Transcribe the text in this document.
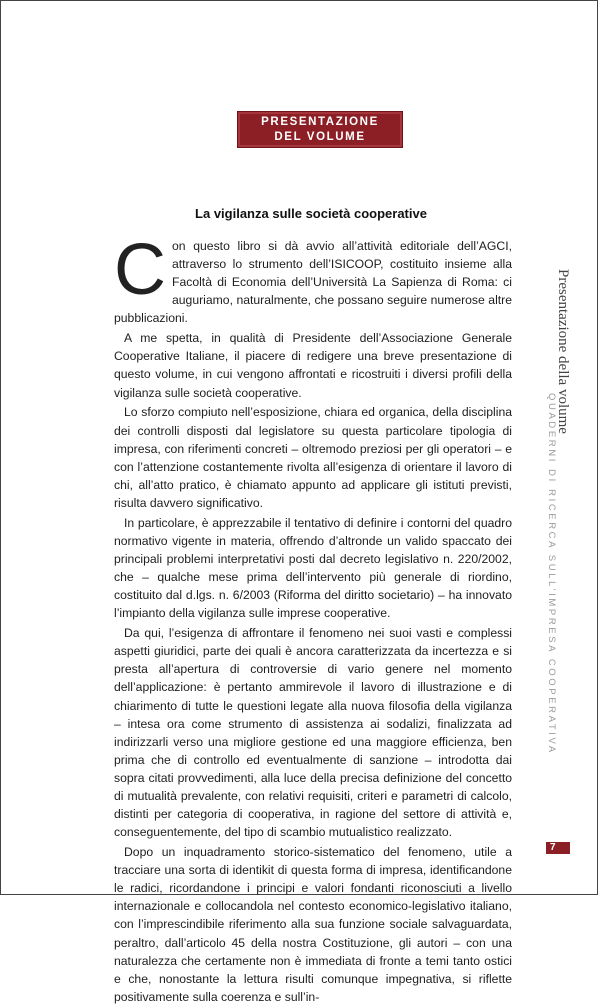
PRESENTAZIONE
DEL VOLUME
La vigilanza sulle società cooperative

Con questo libro si dà avvio all’attività editoriale dell’AGCI, attraverso lo strumento dell’ISICOOP, costituito insieme alla Facoltà di Economia dell’Università La Sapienza di Roma: ci auguriamo, naturalmente, che possano seguire numerose altre pubblicazioni.

A me spetta, in qualità di Presidente dell’Associazione Generale Cooperative Italiane, il piacere di redigere una breve presentazione di questo volume, in cui vengono affrontati e ricostruiti i diversi profili della vigilanza sulle società cooperative.

Lo sforzo compiuto nell’esposizione, chiara ed organica, della disciplina dei controlli disposti dal legislatore su questa particolare tipologia di impresa, con riferimenti concreti – oltremodo preziosi per gli operatori – e con l’attenzione costantemente rivolta all’esigenza di orientare il lavoro di chi, all’atto pratico, è chiamato appunto ad applicare gli istituti previsti, risulta davvero significativo.

In particolare, è apprezzabile il tentativo di definire i contorni del quadro normativo vigente in materia, offrendo d’altronde un valido spaccato dei principali problemi interpretativi posti dal decreto legislativo n. 220/2002, che – qualche mese prima dell’intervento più generale di riordino, costituito dal d.lgs. n. 6/2003 (Riforma del diritto societario) – ha innovato l’impianto della vigilanza sulle imprese cooperative.

Da qui, l’esigenza di affrontare il fenomeno nei suoi vasti e complessi aspetti giuridici, parte dei quali è ancora caratterizzata da incertezza e si presta all’apertura di controversie di vario genere nel momento dell’applicazione: è pertanto ammirevole il lavoro di illustrazione e di chiarimento di tutte le questioni legate alla nuova filosofia della vigilanza – intesa ora come strumento di assistenza ai sodalizi, finalizzata ad indirizzarli verso una migliore gestione ed una maggiore efficienza, ben prima che di controllo ed eventualmente di sanzione – introdotta dai sopra citati provvedimenti, alla luce della precisa definizione del concetto di mutualità prevalente, con relativi requisiti, criteri e parametri di calcolo, distinti per categoria di cooperativa, in ragione del settore di attività e, conseguentemente, del tipo di scambio mutualistico realizzato.

Dopo un inquadramento storico-sistematico del fenomeno, utile a tracciare una sorta di identikit di questa forma di impresa, identificandone le radici, ricordandone i principi e valori fondanti riconosciuti a livello internazionale e collocandola nel contesto economico-legislativo italiano, con l’imprescindibile riferimento alla sua funzione sociale salvaguardata, peraltro, dall’articolo 45 della nostra Costituzione, gli autori – con una naturalezza che certamente non è immediata di fronte a temi tanto ostici e che, nonostante la lettura risulti comunque impegnativa, si riflette positivamente sulla coerenza e sull’in-

Presentazione della volume
QUADERNI DI RICERCA SULL’IMPRESA COOPERATIVA
7
